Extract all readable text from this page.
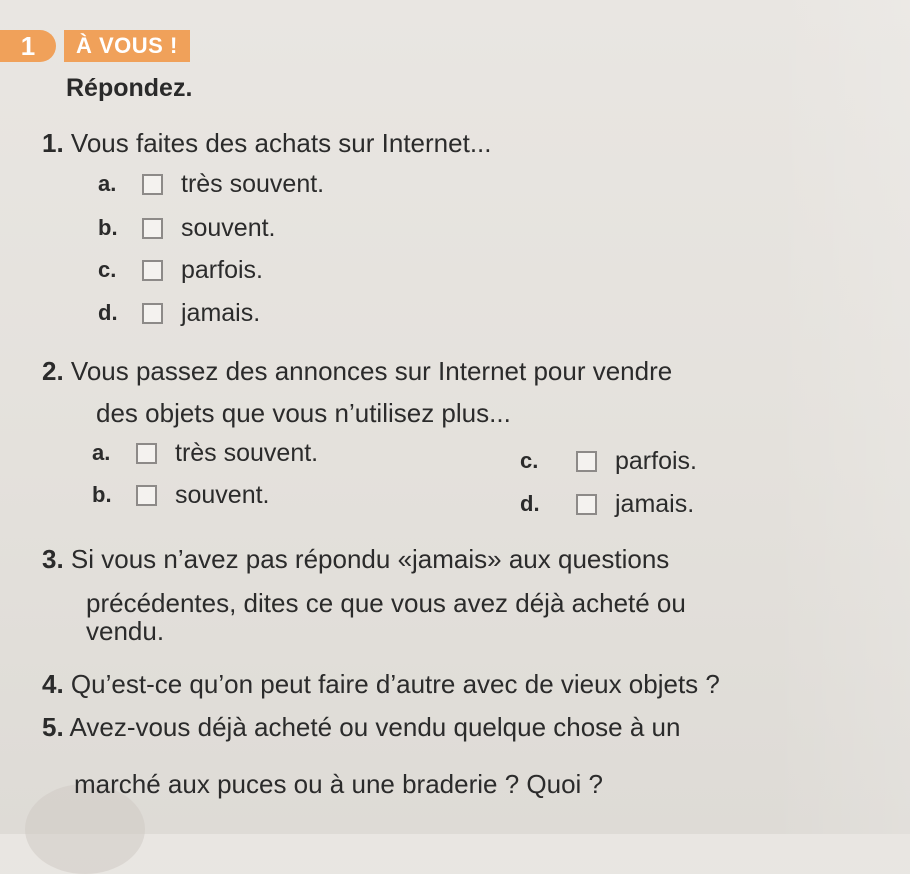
1	À VOUS !
Répondez.
1. Vous faites des achats sur Internet...
a.	très souvent.
b.	souvent.
c.	parfois.
d.	jamais.
2. Vous passez des annonces sur Internet pour vendre
des objets que vous n’utilisez plus...
a.	très souvent.
b.	souvent.
c.	parfois.
d.	jamais.
3. Si vous n’avez pas répondu «jamais» aux questions
précédentes, dites ce que vous avez déjà acheté ou
vendu.
4. Qu’est-ce qu’on peut faire d’autre avec de vieux objets ?
5. Avez-vous déjà acheté ou vendu quelque chose à un
marché aux puces ou à une braderie ? Quoi ?
